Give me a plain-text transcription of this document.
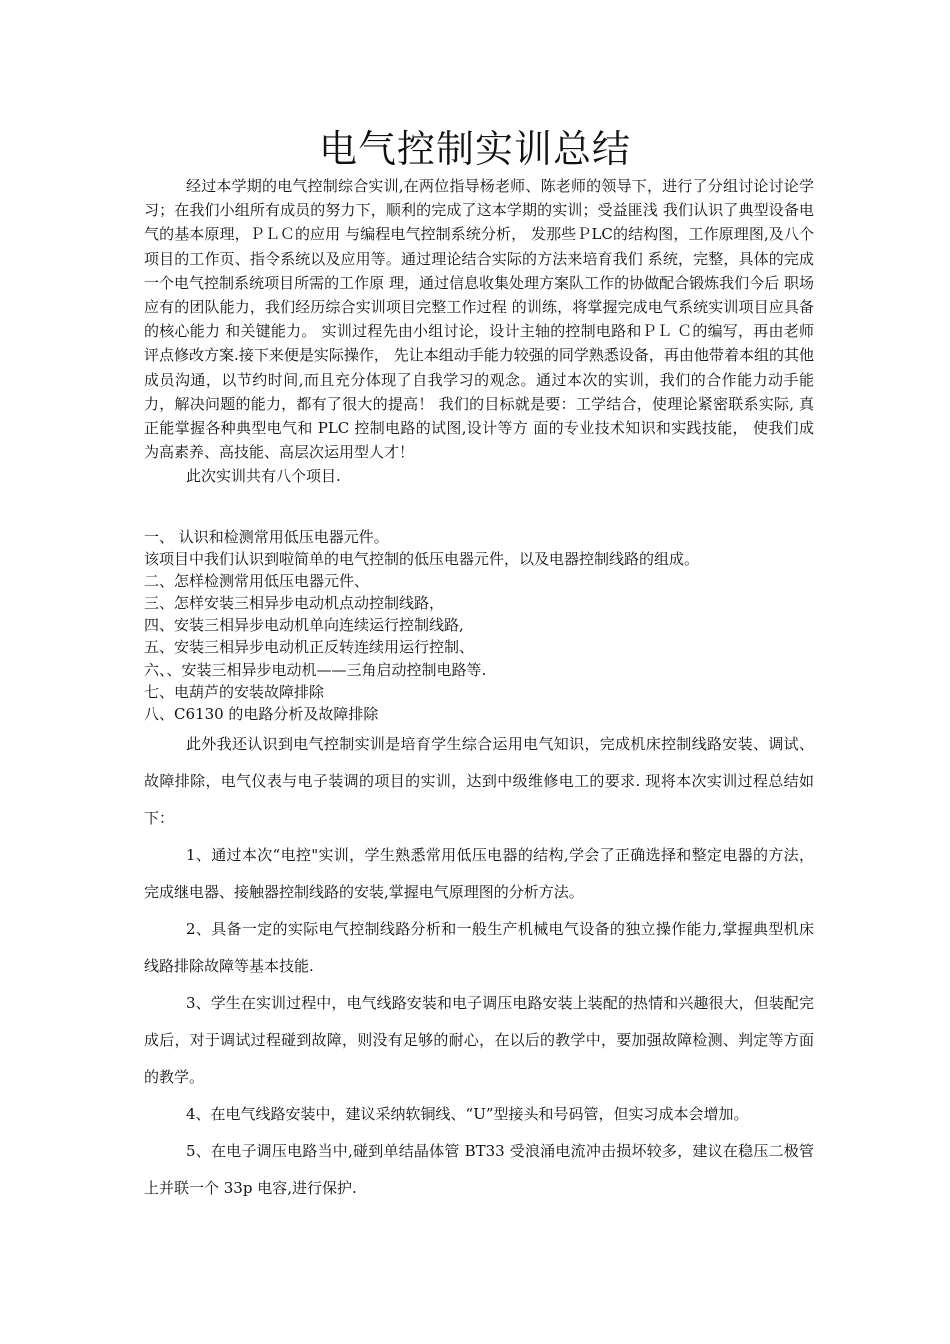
电气控制实训总结

经过本学期的电气控制综合实训,在两位指导杨老师、陈老师的领导下，进行了分组讨论讨论学习；在我们小组所有成员的努力下，顺利的完成了这本学期的实训；受益匪浅 我们认识了典型设备电气的基本原理，ＰＬＣ的应用 与编程电气控制系统分析， 发那些ＰLC的结构图，工作原理图,及八个项目的工作页、指令系统以及应用等。通过理论结合实际的方法来培育我们 系统，完整，具体的完成一个电气控制系统项目所需的工作原 理，通过信息收集处理方案队工作的协做配合锻炼我们今后 职场应有的团队能力，我们经历综合实训项目完整工作过程 的训练，将掌握完成电气系统实训项目应具备的核心能力 和关键能力。 实训过程先由小组讨论，设计主轴的控制电路和ＰＬ Ｃ的编写，再由老师评点修改方案.接下来便是实际操作， 先让本组动手能力较强的同学熟悉设备，再由他带着本组的其他成员沟通，以节约时间,而且充分体现了自我学习的观念。通过本次的实训，我们的合作能力动手能力，解决问题的能力，都有了很大的提高！ 我们的目标就是要：工学结合，使理论紧密联系实际, 真正能掌握各种典型电气和 PLC 控制电路的试图,设计等方 面的专业技术知识和实践技能， 使我们成为高素养、高技能、高层次运用型人才！

此次实训共有八个项目.

一、 认识和检测常用低压电器元件。
该项目中我们认识到啦简单的电气控制的低压电器元件，以及电器控制线路的组成。
二、怎样检测常用低压电器元件、
三、怎样安装三相异步电动机点动控制线路，
四、安装三相异步电动机单向连续运行控制线路,
五、安装三相异步电动机正反转连续用运行控制、
六、、安装三相异步电动机——三角启动控制电路等.
七、电葫芦的安装故障排除
八、C6130 的电路分析及故障排除

此外我还认识到电气控制实训是培育学生综合运用电气知识，完成机床控制线路安装、调试、故障排除，电气仪表与电子装调的项目的实训，达到中级维修电工的要求. 现将本次实训过程总结如下：

1、通过本次“电控"实训，学生熟悉常用低压电器的结构,学会了正确选择和整定电器的方法，完成继电器、接触器控制线路的安装,掌握电气原理图的分析方法。

2、具备一定的实际电气控制线路分析和一般生产机械电气设备的独立操作能力,掌握典型机床线路排除故障等基本技能.

3、学生在实训过程中，电气线路安装和电子调压电路安装上装配的热情和兴趣很大，但装配完成后，对于调试过程碰到故障，则没有足够的耐心，在以后的教学中，要加强故障检测、判定等方面的教学。

4、在电气线路安装中，建议采纳软铜线、“U”型接头和号码管，但实习成本会增加。

5、在电子调压电路当中,碰到单结晶体管 BT33 受浪涌电流冲击损坏较多，建议在稳压二极管上并联一个 33p 电容,进行保护.
